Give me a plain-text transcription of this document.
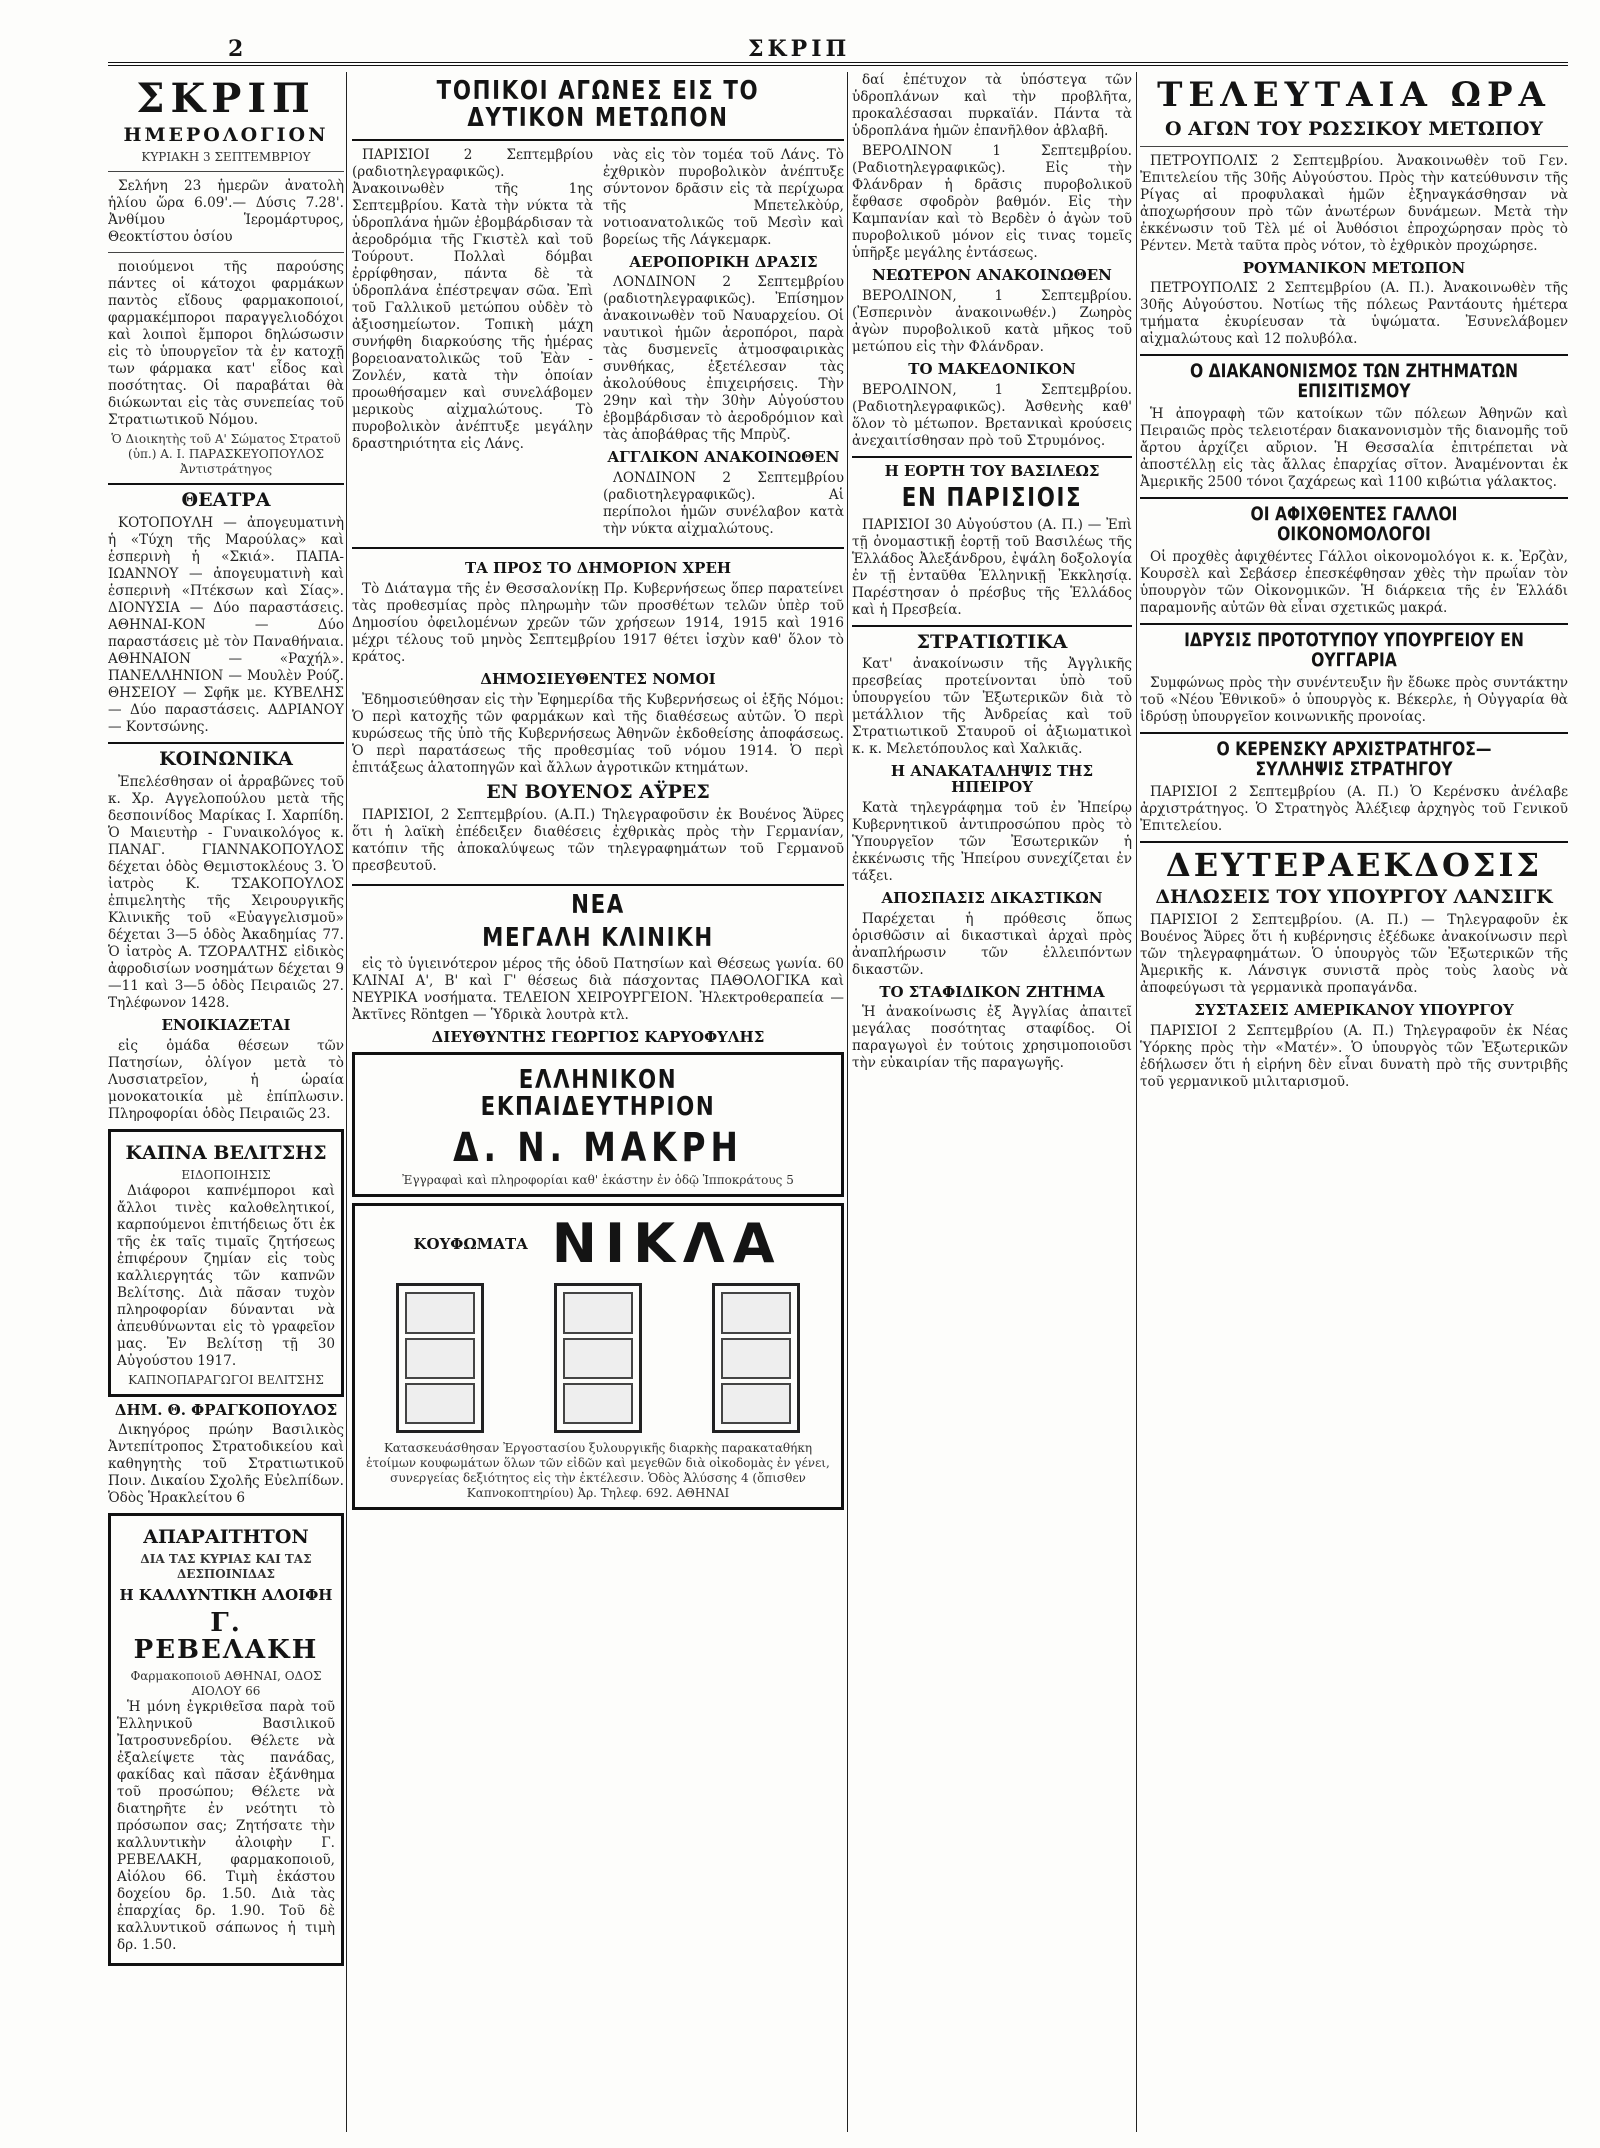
2	ΣΚΡΙΠ
ΣΚΡΙΠ
ΗΜΕΡΟΛΟΓΙΟΝ
ΚΥΡΙΑΚΗ 3 ΣΕΠΤΕΜΒΡΙΟΥ

Σελήνη 23 ἡμερῶν ἀνατολὴ ἡλίου ὥρα 6.09'.— Δύσις 7.28'. Ἀνθίμου Ἱερομάρτυρος, Θεοκτίστου ὁσίου

ποιούμενοι τῆς παρούσης πάντες οἱ κάτοχοι φαρμάκων παντὸς εἴδους φαρμακοποιοί, φαρμακέμποροι παραγγελιοδόχοι καὶ λοιποὶ ἔμποροι δηλώσωσιν εἰς τὸ ὑπουργεῖον τὰ ἐν κατοχῇ των φάρμακα κατ' εἶδος καὶ ποσότητας. Οἱ παραβάται θὰ διώκωνται εἰς τὰς συνεπείας τοῦ Στρατιωτικοῦ Νόμου.

Ὁ Διοικητὴς τοῦ Α' Σώματος Στρατοῦ (ὑπ.) Α. Ι. ΠΑΡΑΣΚΕΥΟΠΟΥΛΟΣ Ἀντιστράτηγος
ΘΕΑΤΡΑ

ΚΟΤΟΠΟΥΛΗ — ἀπογευματινὴ ἡ «Τύχη τῆς Μαρούλας» καὶ ἑσπερινὴ ἡ «Σκιά». ΠΑΠΑ-ΙΩΑΝΝΟΥ — ἀπογευματινὴ καὶ ἑσπερινὴ «Πτέκσων καὶ Σίας». ΔΙΟΝΥΣΙΑ — Δύο παραστάσεις. ΑΘΗΝΑΙ-ΚΟΝ — Δύο παραστάσεις μὲ τὸν Παναθήναια. ΑΘΗΝΑΙΟΝ — «Ραχήλ». ΠΑΝΕΛΛΗΝΙΟΝ — Μουλὲν Ρούζ. ΘΗΣΕΙΟΥ — Σφῆκ με. ΚΥΒΕΛΗΣ — Δύο παραστάσεις. ΑΔΡΙΑΝΟΥ — Κοντσώνης.

ΚΟΙΝΩΝΙΚΑ

Ἐπελέσθησαν οἱ ἀρραβῶνες τοῦ κ. Χρ. Αγγελοπούλου μετὰ τῆς δεσποινίδος Μαρίκας Ι. Χαρπίδη. Ὁ Μαιευτὴρ - Γυναικολόγος κ. ΠΑΝΑΓ. ΓΙΑΝΝΑΚΟΠΟΥΛΟΣ δέχεται ὁδὸς Θεμιστοκλέους 3. Ὁ ἰατρὸς Κ. ΤΣΑΚΟΠΟΥΛΟΣ ἐπιμελητὴς τῆς Χειρουργικῆς Κλινικῆς τοῦ «Εὐαγγελισμοῦ» δέχεται 3—5 ὁδὸς Ἀκαδημίας 77. Ὁ ἰατρὸς Α. ΤΖΟΡΑΛΤΗΣ εἰδικὸς ἀφροδισίων νοσημάτων δέχεται 9—11 καὶ 3—5 ὁδὸς Πειραιῶς 27. Τηλέφωνον 1428.

ΕΝΟΙΚΙΑΖΕΤΑΙ

εἰς ὁμάδα θέσεων τῶν Πατησίων, ὀλίγον μετὰ τὸ Λυσσιατρεῖον, ἡ ὡραία μονοκατοικία μὲ ἐπίπλωσιν. Πληροφορίαι ὁδὸς Πειραιῶς 23.

ΚΑΠΝΑ ΒΕΛΙΤΣΗΣ
ΕΙΔΟΠΟΙΗΣΙΣ

Διάφοροι καπνέμποροι καὶ ἄλλοι τινὲς καλοθελητικοί, καρπούμενοι ἐπιτήδειως ὅτι ἐκ τῆς ἐκ ταῖς τιμαῖς ζητήσεως ἐπιφέρουν ζημίαν εἰς τοὺς καλλιεργητάς τῶν καπνῶν Βελίτσης. Διὰ πᾶσαν τυχὸν πληροφορίαν δύνανται νὰ ἀπευθύνωνται εἰς τὸ γραφεῖον μας. Ἐν Βελίτσῃ τῇ 30 Αὐγούστου 1917.

ΚΑΠΝΟΠΑΡΑΓΩΓΟΙ ΒΕΛΙΤΣΗΣ
ΔΗΜ. Θ. ΦΡΑΓΚΟΠΟΥΛΟΣ

Δικηγόρος πρώην Βασιλικὸς Ἀντεπίτροπος Στρατοδικείου καὶ καθηγητὴς τοῦ Στρατιωτικοῦ Ποιν. Δικαίου Σχολῆς Εὐελπίδων. Ὁδὸς Ἡρακλείτου 6

ΑΠΑΡΑΙΤΗΤΟΝ
ΔΙΑ ΤΑΣ ΚΥΡΙΑΣ ΚΑΙ ΤΑΣ ΔΕΣΠΟΙΝΙΔΑΣ
Η ΚΑΛΛΥΝΤΙΚΗ ΑΛΟΙΦΗ
Γ. ΡΕΒΕΛΑΚΗ
Φαρμακοποιοῦ ΑΘΗΝΑΙ, ΟΔΟΣ ΑΙΟΛΟΥ 66

Ἡ μόνη ἐγκριθεῖσα παρὰ τοῦ Ἑλληνικοῦ Βασιλικοῦ Ἰατροσυνεδρίου. Θέλετε νὰ ἐξαλείψετε τὰς πανάδας, φακίδας καὶ πᾶσαν ἐξάνθημα τοῦ προσώπου; Θέλετε νὰ διατηρῆτε ἐν νεότητι τὸ πρόσωπον σας; Ζητήσατε τὴν καλλυντικὴν ἀλοιφὴν Γ. ΡΕΒΕΛΑΚΗ, φαρμακοποιοῦ, Αἰόλου 66. Τιμὴ ἑκάστου δοχείου δρ. 1.50. Διὰ τὰς ἐπαρχίας δρ. 1.90. Τοῦ δὲ καλλυντικοῦ σάπωνος ἡ τιμὴ δρ. 1.50.

ΤΟΠΙΚΟΙ ΑΓΩΝΕΣ ΕΙΣ ΤΟ ΔΥΤΙΚΟΝ ΜΕΤΩΠΟΝ

ΠΑΡΙΣΙΟΙ 2 Σεπτεμβρίου (ραδιοτηλεγραφικῶς). Ἀνακοινωθὲν τῆς 1ης Σεπτεμβρίου. Κατὰ τὴν νύκτα τὰ ὑδροπλάνα ἡμῶν ἐβομβάρδισαν τὰ ἀεροδρόμια τῆς Γκιστὲλ καὶ τοῦ Τούρουτ. Πολλαὶ δόμβαι ἐρρίφθησαν, πάντα δὲ τὰ ὑδροπλάνα ἐπέστρεψαν σῶα. Ἐπὶ τοῦ Γαλλικοῦ μετώπου οὐδὲν τὸ ἀξιοσημείωτον. Τοπικὴ μάχη συνήφθη διαρκούσης τῆς ἡμέρας βορειοανατολικῶς τοῦ Ἐὰν - Ζονλέν, κατὰ τὴν ὁποίαν προωθήσαμεν καὶ συνελάβομεν μερικοὺς αἰχμαλώτους. Τὸ πυροβολικὸν ἀνέπτυξε μεγάλην δραστηριότητα εἰς Λάνς.

νὰς εἰς τὸν τομέα τοῦ Λάνς. Τὸ ἐχθρικὸν πυροβολικὸν ἀνέπτυξε σύντονον δρᾶσιν εἰς τὰ περίχωρα τῆς Μπετελκὸύρ, νοτιοανατολικῶς τοῦ Μεσὶν καὶ βορείως τῆς Λάγκεμαρκ.

ΑΕΡΟΠΟΡΙΚΗ ΔΡΑΣΙΣ

ΛΟΝΔΙΝΟΝ 2 Σεπτεμβρίου (ραδιοτηλεγραφικῶς). Ἐπίσημον ἀνακοινωθὲν τοῦ Ναυαρχείου. Οἱ ναυτικοὶ ἡμῶν ἀεροπόροι, παρὰ τὰς δυσμενεῖς ἀτμοσφαιρικὰς συνθήκας, ἐξετέλεσαν τὰς ἀκολούθους ἐπιχειρήσεις. Τὴν 29ην καὶ τὴν 30ὴν Αὐγούστου ἐβομβάρδισαν τὸ ἀεροδρόμιον καὶ τὰς ἀποβάθρας τῆς Μπρὺζ.

ΑΓΓΛΙΚΟΝ ΑΝΑΚΟΙΝΩΘΕΝ

ΛΟΝΔΙΝΟΝ 2 Σεπτεμβρίου (ραδιοτηλεγραφικῶς). Αἱ περίπολοι ἡμῶν συνέλαβον κατὰ τὴν νύκτα αἰχμαλώτους.

ΤΑ ΠΡΟΣ ΤΟ ΔΗΜΟΡΙΟΝ ΧΡΕΗ

Τὸ Διάταγμα τῆς ἐν Θεσσαλονίκῃ Πρ. Κυβερνήσεως ὅπερ παρατείνει τὰς προθεσμίας πρὸς πληρωμὴν τῶν προσθέτων τελῶν ὑπὲρ τοῦ Δημοσίου ὀφειλομένων χρεῶν τῶν χρήσεων 1914, 1915 καὶ 1916 μέχρι τέλους τοῦ μηνὸς Σεπτεμβρίου 1917 θέτει ἰσχὺν καθ' ὅλον τὸ κράτος.

ΔΗΜΟΣΙΕΥΘΕΝΤΕΣ ΝΟΜΟΙ

Ἐδημοσιεύθησαν εἰς τὴν Ἐφημερίδα τῆς Κυβερνήσεως οἱ ἑξῆς Νόμοι: Ὁ περὶ κατοχῆς τῶν φαρμάκων καὶ τῆς διαθέσεως αὐτῶν. Ὁ περὶ κυρώσεως τῆς ὑπὸ τῆς Κυβερνήσεως Ἀθηνῶν ἐκδοθείσης ἀποφάσεως. Ὁ περὶ παρατάσεως τῆς προθεσμίας τοῦ νόμου 1914. Ὁ περὶ ἐπιτάξεως ἁλατοπηγῶν καὶ ἄλλων ἀγροτικῶν κτημάτων.

ΕΝ ΒΟΥΕΝΟΣ ΑΫΡΕΣ

ΠΑΡΙΣΙΟΙ, 2 Σεπτεμβρίου. (Α.Π.) Τηλεγραφοῦσιν ἐκ Βουένος Ἄϋρες ὅτι ἡ λαϊκὴ ἐπέδειξεν διαθέσεις ἐχθρικὰς πρὸς τὴν Γερμανίαν, κατόπιν τῆς ἀποκαλύψεως τῶν τηλεγραφημάτων τοῦ Γερμανοῦ πρεσβευτοῦ.

ΝΕΑ
ΜΕΓΑΛΗ ΚΛΙΝΙΚΗ

εἰς τὸ ὑγιεινότερον μέρος τῆς ὁδοῦ Πατησίων καὶ Θέσεως γωνία. 60 ΚΛΙΝΑΙ Α', Β' καὶ Γ' θέσεως διὰ πάσχοντας ΠΑΘΟΛΟΓΙΚΑ καὶ ΝΕΥΡΙΚΑ νοσήματα. ΤΕΛΕΙΟΝ ΧΕΙΡΟΥΡΓΕΙΟΝ. Ἠλεκτροθεραπεία — Ἀκτῖνες Röntgen — Ὑδρικὰ λουτρὰ κτλ.

ΔΙΕΥΘΥΝΤΗΣ ΓΕΩΡΓΙΟΣ ΚΑΡΥΟΦΥΛΗΣ
ΕΛΛΗΝΙΚΟΝ ΕΚΠΑΙΔΕΥΤΗΡΙΟΝ
Δ. Ν. ΜΑΚΡΗ
Ἐγγραφαὶ καὶ πληροφορίαι καθ' ἑκάστην ἐν ὁδῷ Ἱπποκράτους 5
ΚΟΥΦΩΜΑΤΑ ΝΙΚΛΑ
Κατασκευάσθησαν Ἐργοστασίου ξυλουργικῆς διαρκὴς παρακαταθήκη ἑτοίμων κουφωμάτων ὅλων τῶν εἰδῶν καὶ μεγεθῶν διὰ οἰκοδομὰς ἐν γένει, συνεργείας δεξιότητος εἰς τὴν ἐκτέλεσιν. Ὁδὸς Ἀλύσσης 4 (ὄπισθεν Καπνοκοπτηρίου) Ἀρ. Τηλεφ. 692. ΑΘΗΝΑΙ

δαί ἐπέτυχον τὰ ὑπόστεγα τῶν ὑδροπλάνων καὶ τὴν προβλῆτα, προκαλέσασαι πυρκαϊάν. Πάντα τὰ ὑδροπλάνα ἡμῶν ἐπανῆλθον ἀβλαβῆ.

ΒΕΡΟΛΙΝΟΝ 1 Σεπτεμβρίου. (Ραδιοτηλεγραφικῶς). Εἰς τὴν Φλάνδραν ἡ δρᾶσις πυροβολικοῦ ἔφθασε σφοδρὸν βαθμόν. Εἰς τὴν Καμπανίαν καὶ τὸ Βερδὲν ὁ ἀγὼν τοῦ πυροβολικοῦ μόνον εἰς τινας τομεῖς ὑπῆρξε μεγάλης ἐντάσεως.

ΝΕΩΤΕΡΟΝ ΑΝΑΚΟΙΝΩΘΕΝ

ΒΕΡΟΛΙΝΟΝ, 1 Σεπτεμβρίου. (Ἐσπερινὸν ἀνακοινωθέν.) Ζωηρὸς ἀγὼν πυροβολικοῦ κατὰ μῆκος τοῦ μετώπου εἰς τὴν Φλάνδραν.

ΤΟ ΜΑΚΕΔΟΝΙΚΟΝ

ΒΕΡΟΛΙΝΟΝ, 1 Σεπτεμβρίου. (Ραδιοτηλεγραφικῶς). Ἀσθενὴς καθ' ὅλον τὸ μέτωπον. Βρετανικαὶ κρούσεις ἀνεχαιτίσθησαν πρὸ τοῦ Στρυμόνος.

Η ΕΟΡΤΗ ΤΟΥ ΒΑΣΙΛΕΩΣ
ΕΝ ΠΑΡΙΣΙΟΙΣ

ΠΑΡΙΣΙΟΙ 30 Αὐγούστου (Α. Π.) — Ἐπὶ τῇ ὀνομαστικῇ ἑορτῇ τοῦ Βασιλέως τῆς Ἑλλάδος Ἀλεξάνδρου, ἐψάλη δοξολογία ἐν τῇ ἐνταῦθα Ἑλληνικῇ Ἐκκλησίᾳ. Παρέστησαν ὁ πρέσβυς τῆς Ἑλλάδος καὶ ἡ Πρεσβεία.

ΣΤΡΑΤΙΩΤΙΚΑ

Κατ' ἀνακοίνωσιν τῆς Ἀγγλικῆς πρεσβείας προτείνονται ὑπὸ τοῦ ὑπουργείου τῶν Ἐξωτερικῶν διὰ τὸ μετάλλιον τῆς Ἀνδρείας καὶ τοῦ Στρατιωτικοῦ Σταυροῦ οἱ ἀξιωματικοὶ κ. κ. Μελετόπουλος καὶ Χαλκιᾶς.

Η ΑΝΑΚΑΤΑΛΗΨΙΣ ΤΗΣ ΗΠΕΙΡΟΥ

Κατὰ τηλεγράφημα τοῦ ἐν Ἠπείρῳ Κυβερνητικοῦ ἀντιπροσώπου πρὸς τὸ Ὑπουργεῖον τῶν Ἐσωτερικῶν ἡ ἐκκένωσις τῆς Ἠπείρου συνεχίζεται ἐν τάξει.

ΑΠΟΣΠΑΣΙΣ ΔΙΚΑΣΤΙΚΩΝ

Παρέχεται ἡ πρόθεσις ὅπως ὁρισθῶσιν αἱ δικαστικαὶ ἀρχαὶ πρὸς ἀναπλήρωσιν τῶν ἐλλειπόντων δικαστῶν.

ΤΟ ΣΤΑΦΙΔΙΚΟΝ ΖΗΤΗΜΑ

Ἡ ἀνακοίνωσις ἐξ Ἀγγλίας ἀπαιτεῖ μεγάλας ποσότητας σταφίδος. Οἱ παραγωγοὶ ἐν τούτοις χρησιμοποιοῦσι τὴν εὐκαιρίαν τῆς παραγωγῆς.

ΤΕΛΕΥΤΑΙΑ ΩΡΑ
Ο ΑΓΩΝ ΤΟΥ ΡΩΣΣΙΚΟΥ ΜΕΤΩΠΟΥ

ΠΕΤΡΟΥΠΟΛΙΣ 2 Σεπτεμβρίου. Ἀνακοινωθὲν τοῦ Γεν. Ἐπιτελείου τῆς 30ῆς Αὐγούστου. Πρὸς τὴν κατεύθυνσιν τῆς Ρίγας αἱ προφυλακαὶ ἡμῶν ἐξηναγκάσθησαν νὰ ἀποχωρήσουν πρὸ τῶν ἀνωτέρων δυνάμεων. Μετὰ τὴν ἐκκένωσιν τοῦ Τὲλ μέ οἱ Ἀυθόσιοι ἐπροχώρησαν πρὸς τὸ Ρέντεν. Μετὰ ταῦτα πρὸς νότον, τὸ ἐχθρικὸν προχώρησε.

ΡΟΥΜΑΝΙΚΟΝ ΜΕΤΩΠΟΝ

ΠΕΤΡΟΥΠΟΛΙΣ 2 Σεπτεμβρίου (Α. Π.). Ἀνακοινωθὲν τῆς 30ῆς Αὐγούστου. Νοτίως τῆς πόλεως Ραντάουτς ἡμέτερα τμήματα ἐκυρίευσαν τὰ ὑψώματα. Ἐσυνελάβομεν αἰχμαλώτους καὶ 12 πολυβόλα.

Ο ΔΙΑΚΑΝΟΝΙΣΜΟΣ ΤΩΝ ΖΗΤΗΜΑΤΩΝ ΕΠΙΣΙΤΙΣΜΟΥ

Ἡ ἀπογραφὴ τῶν κατοίκων τῶν πόλεων Ἀθηνῶν καὶ Πειραιῶς πρὸς τελειοτέραν διακανονισμὸν τῆς διανομῆς τοῦ ἄρτου ἀρχίζει αὔριον. Ἡ Θεσσαλία ἐπιτρέπεται νὰ ἀποστέλλῃ εἰς τὰς ἄλλας ἐπαρχίας σῖτον. Ἀναμένονται ἐκ Ἀμερικῆς 2500 τόνοι ζαχάρεως καὶ 1100 κιβώτια γάλακτος.

ΟΙ ΑΦΙΧΘΕΝΤΕΣ ΓΑΛΛΟΙ ΟΙΚΟΝΟΜΟΛΟΓΟΙ

Οἱ προχθὲς ἀφιχθέντες Γάλλοι οἰκονομολόγοι κ. κ. Ἐρζὰν, Κουρσὲλ καὶ Σεβάσερ ἐπεσκέφθησαν χθὲς τὴν πρωΐαν τὸν ὑπουργὸν τῶν Οἰκονομικῶν. Ἡ διάρκεια τῆς ἐν Ἑλλάδι παραμονῆς αὐτῶν θὰ εἶναι σχετικῶς μακρά.

ΙΔΡΥΣΙΣ ΠΡΟΤΟΤΥΠΟΥ ΥΠΟΥΡΓΕΙΟΥ ΕΝ ΟΥΓΓΑΡΙΑ

Συμφώνως πρὸς τὴν συνέντευξιν ἣν ἔδωκε πρὸς συντάκτην τοῦ «Νέου Ἐθνικοῦ» ὁ ὑπουργὸς κ. Βέκερλε, ἡ Οὐγγαρία θὰ ἱδρύσῃ ὑπουργεῖον κοινωνικῆς προνοίας.

Ο ΚΕΡΕΝΣΚΥ ΑΡΧΙΣΤΡΑΤΗΓΟΣ—ΣΥΛΛΗΨΙΣ ΣΤΡΑΤΗΓΟΥ

ΠΑΡΙΣΙΟΙ 2 Σεπτεμβρίου (Α. Π.) Ὁ Κερένσκυ ἀνέλαβε ἀρχιστράτηγος. Ὁ Στρατηγὸς Ἀλέξιεφ ἀρχηγὸς τοῦ Γενικοῦ Ἐπιτελείου.

ΔΕΥΤΕΡΑΕΚΔΟΣΙΣ
ΔΗΛΩΣΕΙΣ ΤΟΥ ΥΠΟΥΡΓΟΥ ΛΑΝΣΙΓΚ

ΠΑΡΙΣΙΟΙ 2 Σεπτεμβρίου. (Α. Π.) — Τηλεγραφοῦν ἐκ Βουένος Ἄϋρες ὅτι ἡ κυβέρνησις ἐξέδωκε ἀνακοίνωσιν περὶ τῶν τηλεγραφημάτων. Ὁ ὑπουργὸς τῶν Ἐξωτερικῶν τῆς Ἀμερικῆς κ. Λάνσιγκ συνιστᾶ πρὸς τοὺς λαοὺς νὰ ἀποφεύγωσι τὰ γερμανικὰ προπαγάνδα.

ΣΥΣΤΑΣΕΙΣ ΑΜΕΡΙΚΑΝΟΥ ΥΠΟΥΡΓΟΥ

ΠΑΡΙΣΙΟΙ 2 Σεπτεμβρίου (Α. Π.) Τηλεγραφοῦν ἐκ Νέας Ὑόρκης πρὸς τὴν «Ματέν». Ὁ ὑπουργὸς τῶν Ἐξωτερικῶν ἐδήλωσεν ὅτι ἡ εἰρήνη δὲν εἶναι δυνατὴ πρὸ τῆς συντριβῆς τοῦ γερμανικοῦ μιλιταρισμοῦ.
